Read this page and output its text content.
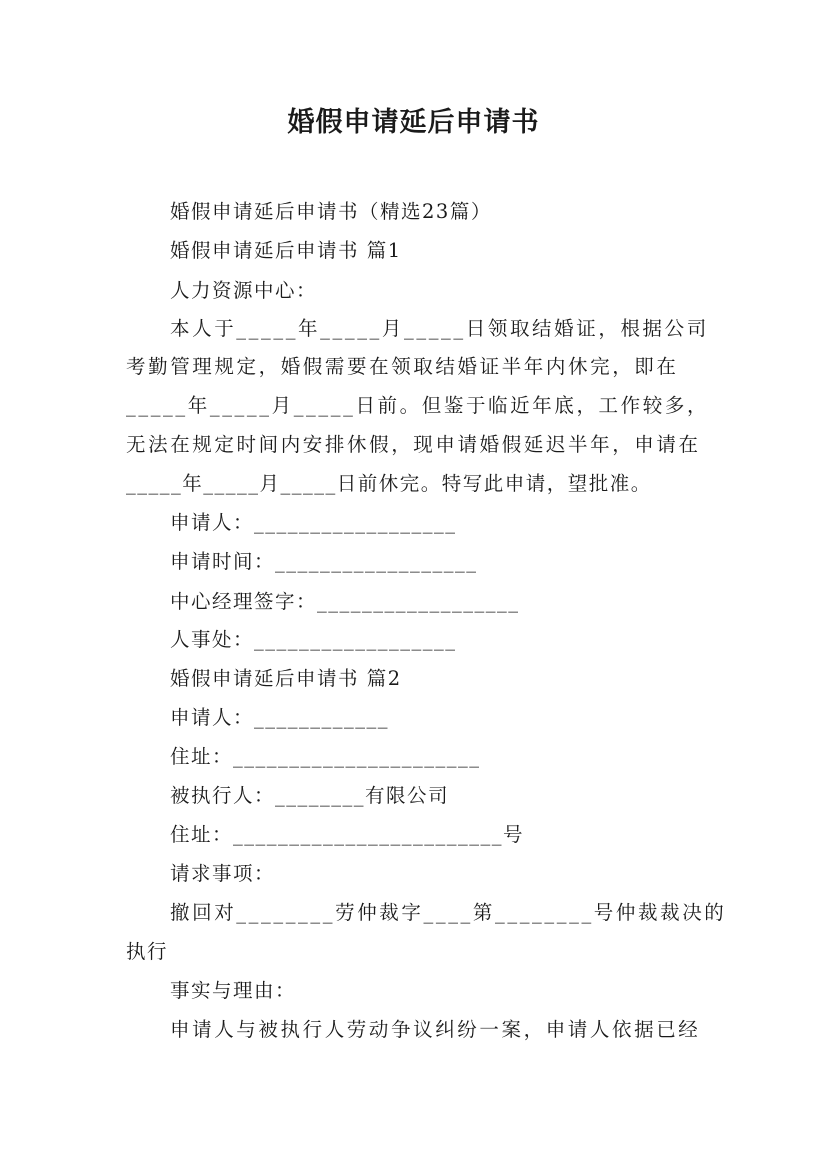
婚假申请延后申请书
婚假申请延后申请书（精选23篇）
婚假申请延后申请书 篇1
人力资源中心：
本人于_____年_____月_____日领取结婚证，根据公司
考勤管理规定，婚假需要在领取结婚证半年内休完，即在
_____年_____月_____日前。但鉴于临近年底，工作较多，
无法在规定时间内安排休假，现申请婚假延迟半年，申请在
_____年_____月_____日前休完。特写此申请，望批准。
申请人：__________________
申请时间：__________________
中心经理签字：__________________
人事处：__________________
婚假申请延后申请书 篇2
申请人：____________
住址：______________________
被执行人：________有限公司
住址：________________________号
请求事项：
撤回对________劳仲裁字____第________号仲裁裁决的
执行
事实与理由：
申请人与被执行人劳动争议纠纷一案，申请人依据已经
